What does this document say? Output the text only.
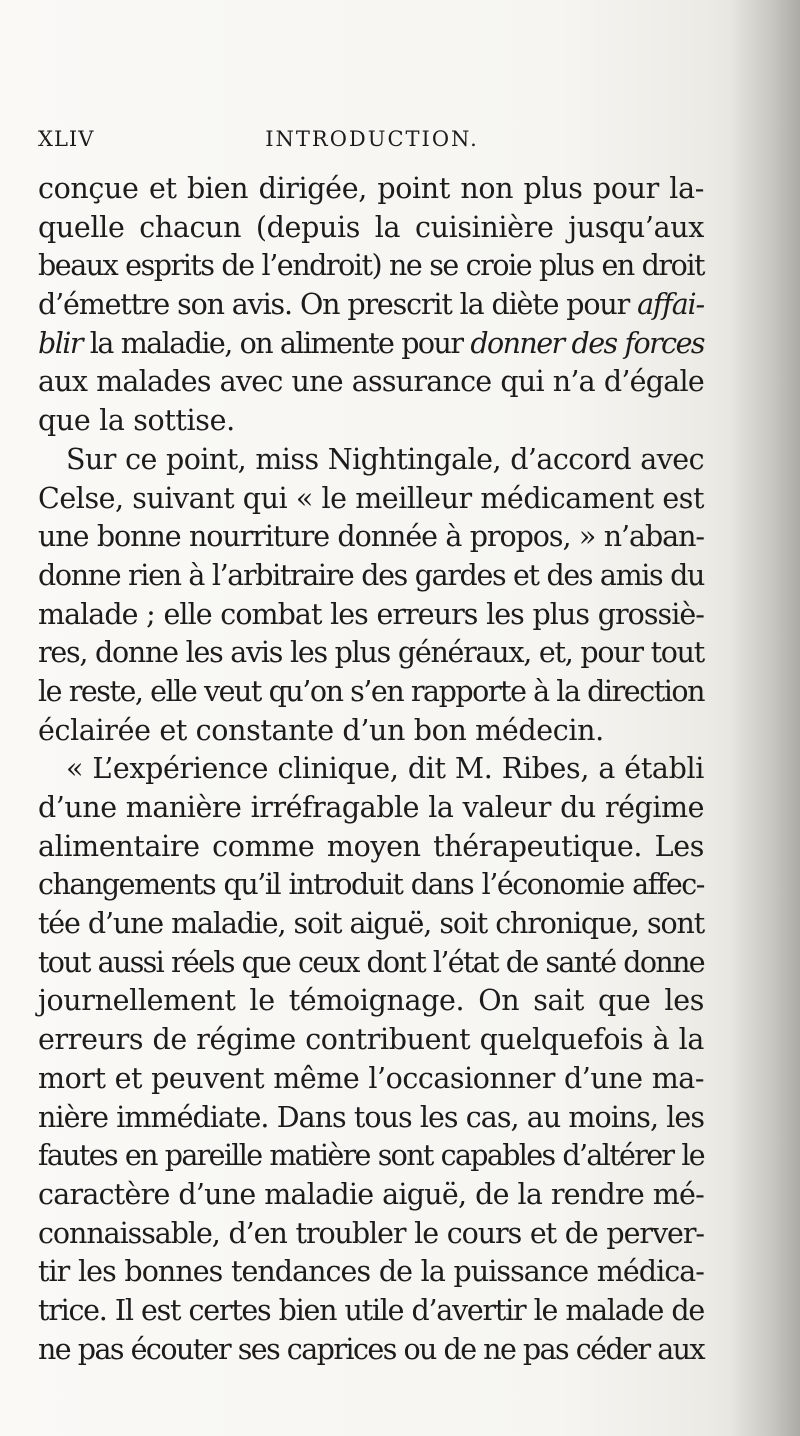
XLIV	INTRODUCTION.
conçue et bien dirigée, point non plus pour la-
quelle chacun (depuis la cuisinière jusqu’aux
beaux esprits de l’endroit) ne se croie plus en droit
d’émettre son avis. On prescrit la diète pour affai-
blir la maladie, on alimente pour donner des forces
aux malades avec une assurance qui n’a d’égale
que la sottise.
Sur ce point, miss Nightingale, d’accord avec
Celse, suivant qui « le meilleur médicament est
une bonne nourriture donnée à propos, » n’aban-
donne rien à l’arbitraire des gardes et des amis du
malade ; elle combat les erreurs les plus grossiè-
res, donne les avis les plus généraux, et, pour tout
le reste, elle veut qu’on s’en rapporte à la direction
éclairée et constante d’un bon médecin.
« L’expérience clinique, dit M. Ribes, a établi
d’une manière irréfragable la valeur du régime
alimentaire comme moyen thérapeutique. Les
changements qu’il introduit dans l’économie affec-
tée d’une maladie, soit aiguë, soit chronique, sont
tout aussi réels que ceux dont l’état de santé donne
journellement le témoignage. On sait que les
erreurs de régime contribuent quelquefois à la
mort et peuvent même l’occasionner d’une ma-
nière immédiate. Dans tous les cas, au moins, les
fautes en pareille matière sont capables d’altérer le
caractère d’une maladie aiguë, de la rendre mé-
connaissable, d’en troubler le cours et de perver-
tir les bonnes tendances de la puissance médica-
trice. Il est certes bien utile d’avertir le malade de
ne pas écouter ses caprices ou de ne pas céder aux
